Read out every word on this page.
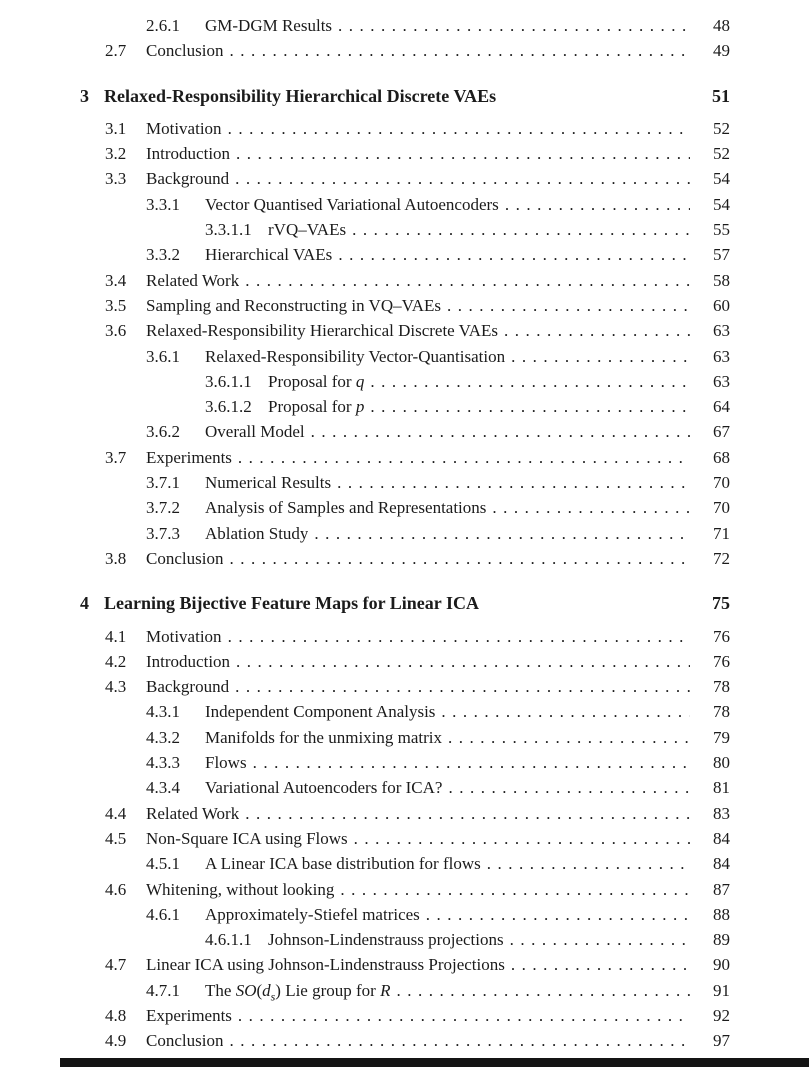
2.6.1	GM-DGM Results .....	48
2.7	Conclusion .....	49
3 Relaxed-Responsibility Hierarchical Discrete VAEs	51
3.1	Motivation .....	52
3.2	Introduction .....	52
3.3	Background .....	54
3.3.1	Vector Quantised Variational Autoencoders .....	54
3.3.1.1 rVQ–VAEs .....	55
3.3.2	Hierarchical VAEs .....	57
3.4	Related Work .....	58
3.5	Sampling and Reconstructing in VQ–VAEs .....	60
3.6	Relaxed-Responsibility Hierarchical Discrete VAEs .....	63
3.6.1	Relaxed-Responsibility Vector-Quantisation .....	63
3.6.1.1 Proposal for q .....	63
3.6.1.2 Proposal for p .....	64
3.6.2	Overall Model .....	67
3.7	Experiments .....	68
3.7.1	Numerical Results .....	70
3.7.2	Analysis of Samples and Representations .....	70
3.7.3	Ablation Study .....	71
3.8	Conclusion .....	72
4 Learning Bijective Feature Maps for Linear ICA	75
4.1	Motivation .....	76
4.2	Introduction .....	76
4.3	Background .....	78
4.3.1	Independent Component Analysis .....	78
4.3.2	Manifolds for the unmixing matrix .....	79
4.3.3	Flows .....	80
4.3.4	Variational Autoencoders for ICA? .....	81
4.4	Related Work .....	83
4.5	Non-Square ICA using Flows .....	84
4.5.1	A Linear ICA base distribution for flows .....	84
4.6	Whitening, without looking .....	87
4.6.1	Approximately-Stiefel matrices .....	88
4.6.1.1 Johnson-Lindenstrauss projections .....	89
4.7	Linear ICA using Johnson-Lindenstrauss Projections .....	90
4.7.1	The $SO(d_s)$ Lie group for R .....	91
4.8	Experiments .....	92
4.9	Conclusion .....	97
